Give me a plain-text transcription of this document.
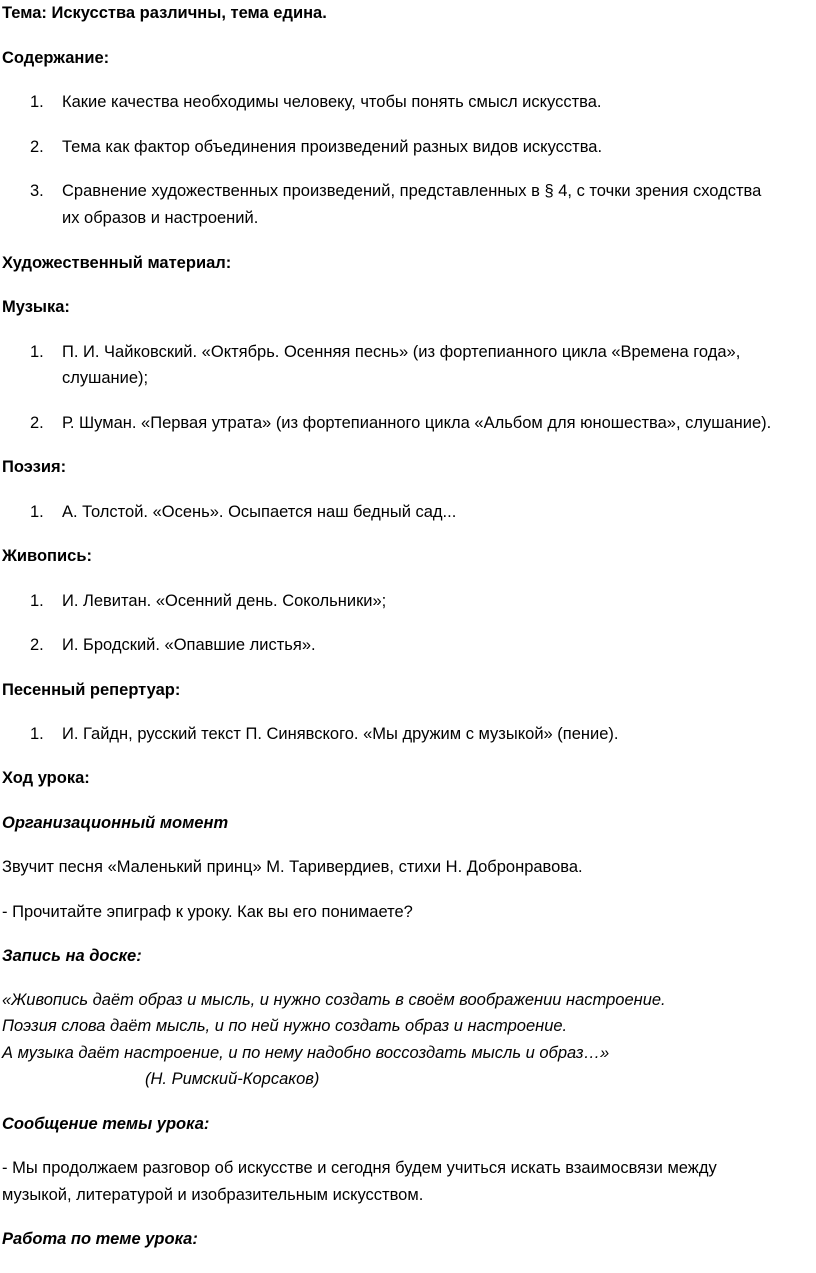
Тема: Искусства различны, тема едина.
Содержание:
1. Какие качества необходимы человеку, чтобы понять смысл искусства.
2. Тема как фактор объединения произведений разных видов искусства.
3. Сравнение художественных произведений, представленных в § 4, с точки зрения сходства
их образов и настроений.
Художественный материал:
Музыка:
1. П. И. Чайковский. «Октябрь. Осенняя песнь» (из фортепианного цикла «Времена года»,
слушание);
2. Р. Шуман. «Первая утрата» (из фортепианного цикла «Альбом для юношества», слушание).
Поэзия:
1. А. Толстой. «Осень». Осыпается наш бедный сад...
Живопись:
1. И. Левитан. «Осенний день. Сокольники»;
2. И. Бродский. «Опавшие листья».
Песенный репертуар:
1. И. Гайдн, русский текст П. Синявского. «Мы дружим с музыкой» (пение).
Ход урока:
Организационный момент
Звучит песня «Маленький принц» М. Таривердиев, стихи Н. Добронравова.
- Прочитайте эпиграф к уроку. Как вы его понимаете?
Запись на доске:
«Живопись даёт образ и мысль, и нужно создать в своём воображении настроение.
Поэзия слова даёт мысль, и по ней нужно создать образ и настроение.
А музыка даёт настроение, и по нему надобно воссоздать мысль и образ…»
(Н. Римский-Корсаков)
Сообщение темы урока:
- Мы продолжаем разговор об искусстве и сегодня будем учиться искать взаимосвязи между
музыкой, литературой и изобразительным искусством.
Работа по теме урока:
